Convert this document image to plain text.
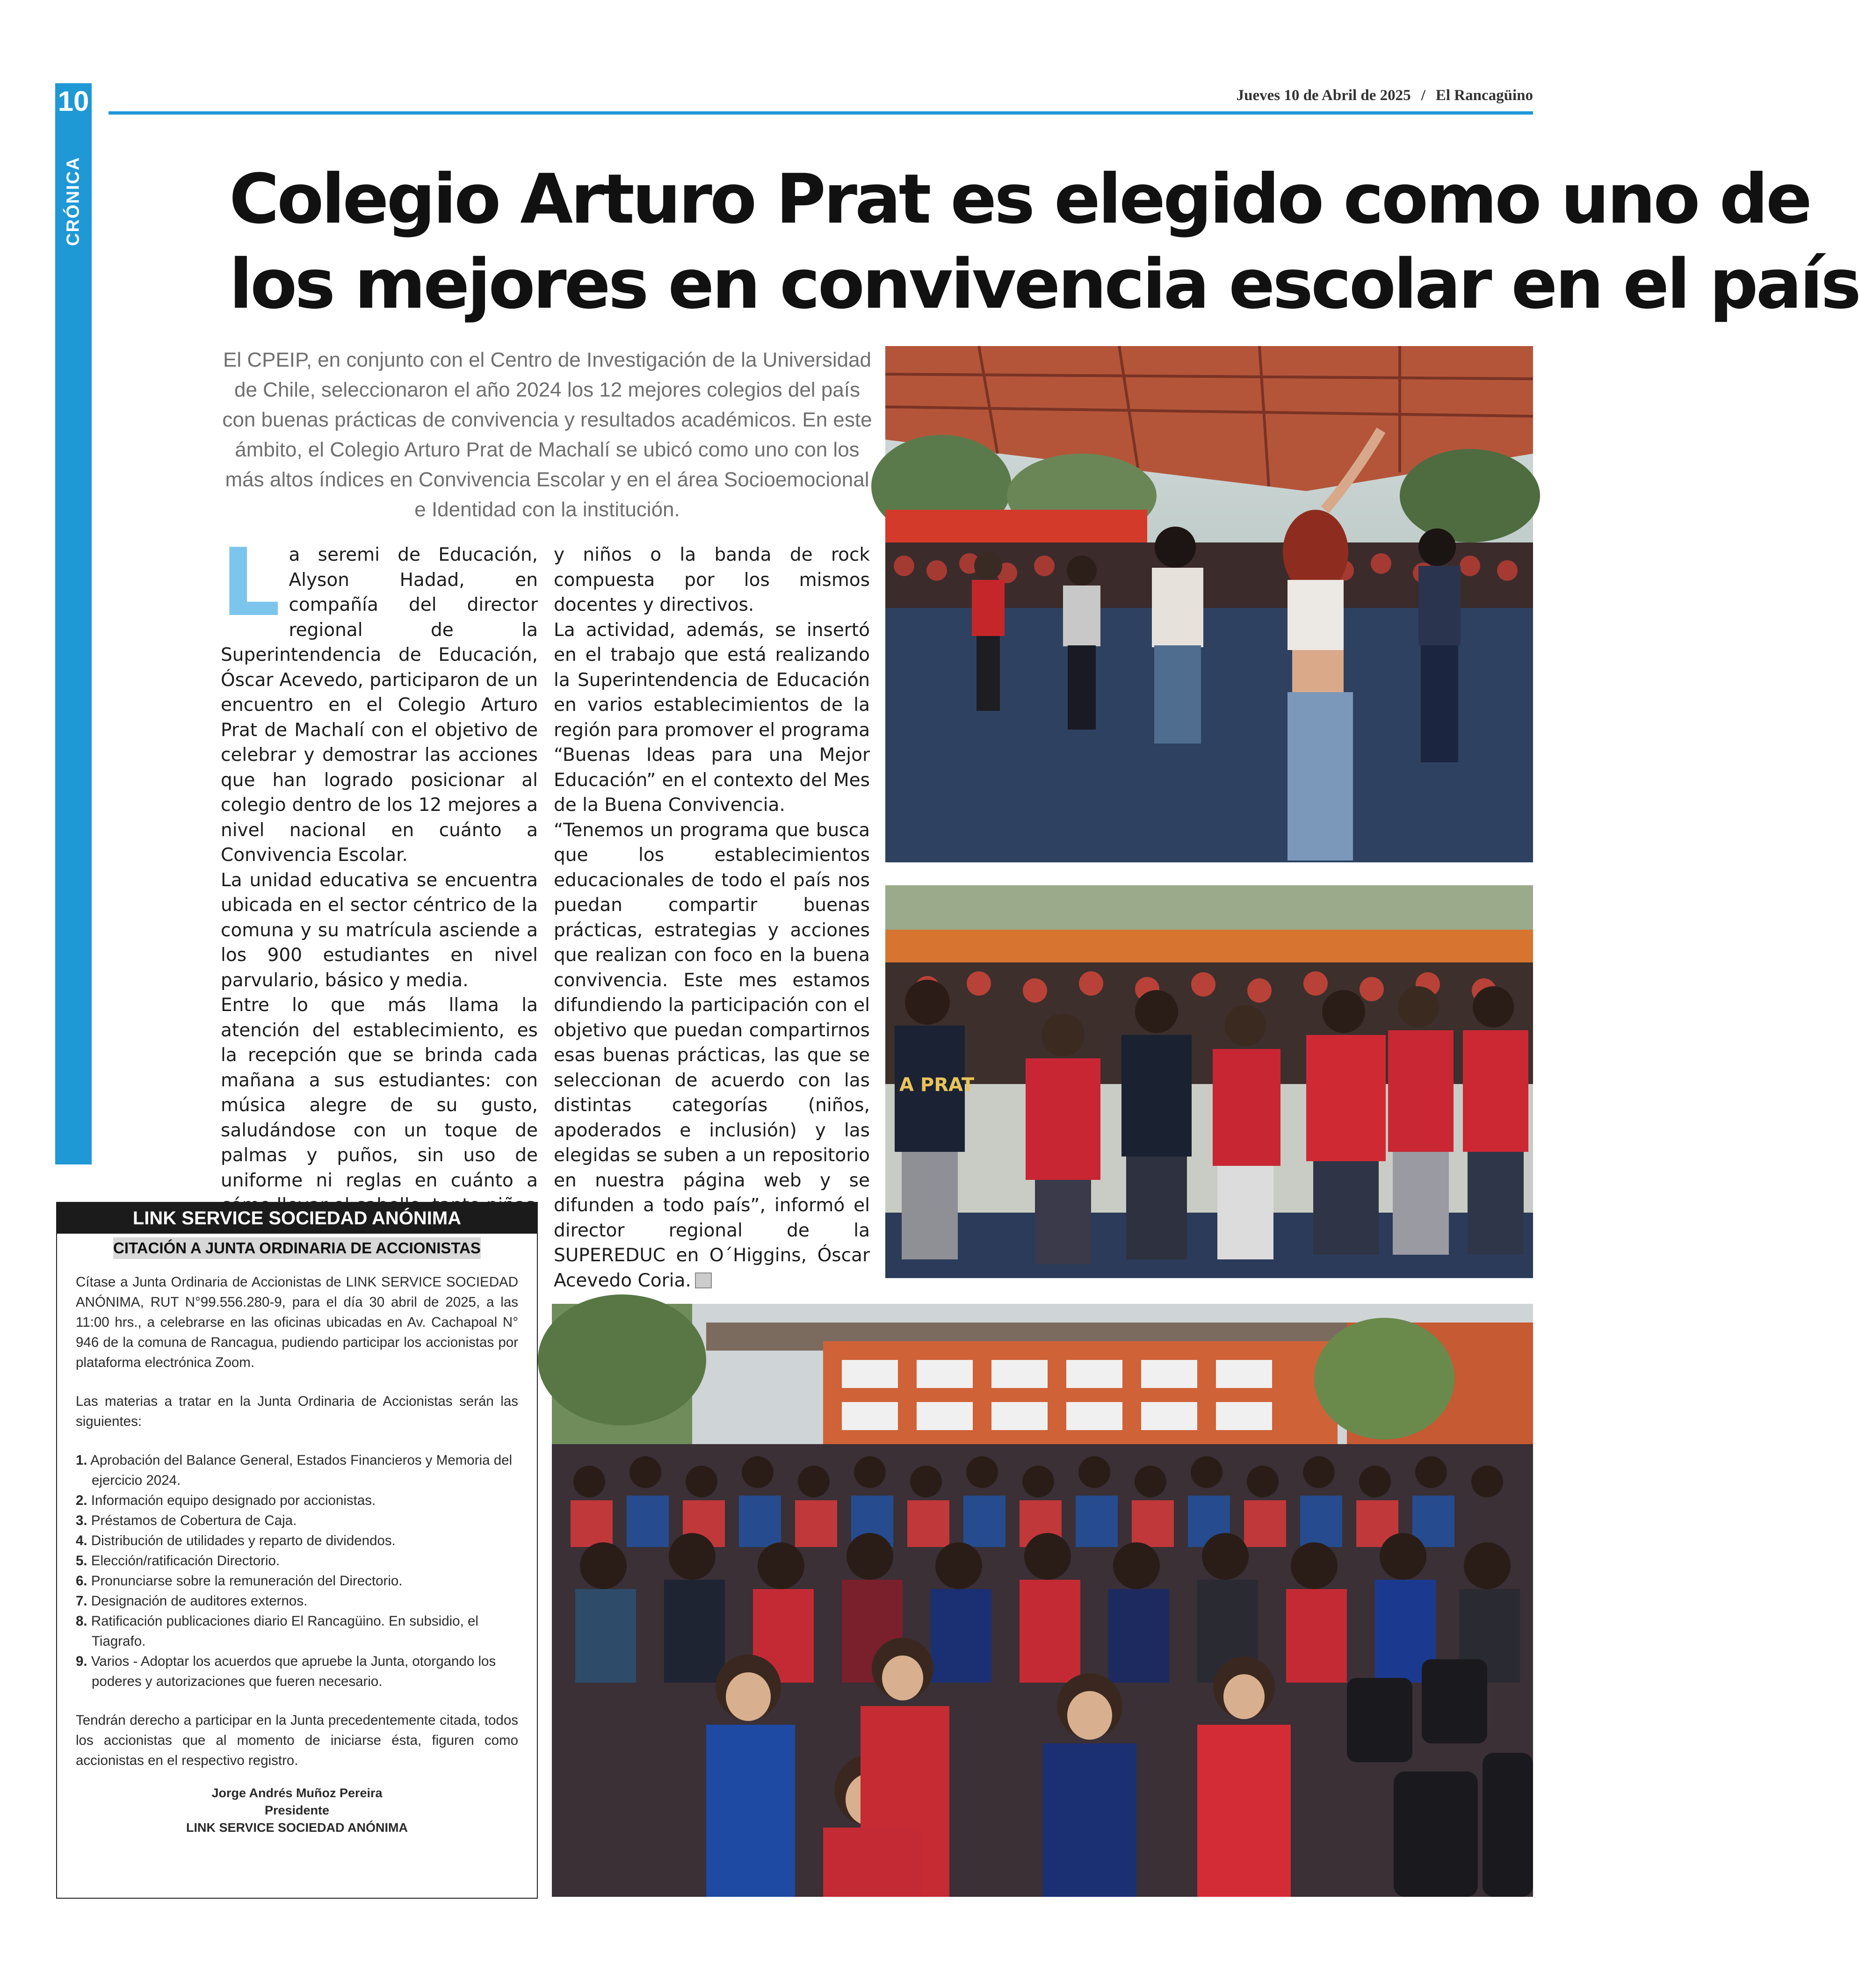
10
CRÓNICA
Jueves 10 de Abril de 2025 / El Rancagüino
Colegio Arturo Prat es elegido como uno de
los mejores en convivencia escolar en el país
El CPEIP, en conjunto con el Centro de Investigación de la Universidad de Chile, seleccionaron el año 2024 los 12 mejores colegios del país con buenas prácticas de convivencia y resultados académicos. En este ámbito, el Colegio Arturo Prat de Machalí se ubicó como uno con los más altos índices en Convivencia Escolar y en el área Socioemocional e Identidad con la institución.

La seremi de Educación, Alyson Hadad, en compañía del director regional de la Superintendencia de Educación, Óscar Acevedo, participaron de un encuentro en el Colegio Arturo Prat de Machalí con el objetivo de celebrar y demostrar las acciones que han logrado posicionar al colegio dentro de los 12 mejores a nivel nacional en cuánto a Convivencia Escolar.

La unidad educativa se encuentra ubicada en el sector céntrico de la comuna y su matrícula asciende a los 900 estudiantes en nivel parvulario, básico y media.

Entre lo que más llama la atención del establecimiento, es la recepción que se brinda cada mañana a sus estudiantes: con música alegre de su gusto, saludándose con un toque de palmas y puños, sin uso de uniforme ni reglas en cuánto a

y niños o la banda de rock compuesta por los mismos docentes y directivos.

La actividad, además, se insertó en el trabajo que está realizando la Superintendencia de Educación en varios establecimientos de la región para promover el programa “Buenas Ideas para una Mejor Educación” en el contexto del Mes de la Buena Convivencia.

“Tenemos un programa que busca que los establecimientos educacionales de todo el país nos puedan compartir buenas prácticas, estrategias y acciones que realizan con foco en la buena convivencia. Este mes estamos difundiendo la participación con el objetivo que puedan compartirnos esas buenas prácticas, las que se seleccionan de acuerdo con las distintas categorías (niños, apoderados e inclusión) y las elegidas se suben a un repositorio en nuestra página web y se difunden a todo país”, informó el director regional de la SUPEREDUC en O´Higgins, Óscar Acevedo Coria.

A PRAT
LINK SERVICE SOCIEDAD ANÓNIMA
CITACIÓN A JUNTA ORDINARIA DE ACCIONISTAS

Cítase a Junta Ordinaria de Accionistas de LINK SERVICE SOCIEDAD ANÓNIMA, RUT N°99.556.280-9, para el día 30 abril de 2025, a las 11:00 hrs., a celebrarse en las oficinas ubicadas en Av. Cachapoal N° 946 de la comuna de Rancagua, pudiendo participar los accionistas por plataforma electrónica Zoom.

Las materias a tratar en la Junta Ordinaria de Accionistas serán las siguientes:

1. Aprobación del Balance General, Estados Financieros y Memoria del ejercicio 2024.
2. Información equipo designado por accionistas.
3. Préstamos de Cobertura de Caja.
4. Distribución de utilidades y reparto de dividendos.
5. Elección/ratificación Directorio.
6. Pronunciarse sobre la remuneración del Directorio.
7. Designación de auditores externos.
8. Ratificación publicaciones diario El Rancagüino. En subsidio, el Tiagrafo.
9. Varios - Adoptar los acuerdos que apruebe la Junta, otorgando los poderes y autorizaciones que fueren necesario.

Tendrán derecho a participar en la Junta precedentemente citada, todos los accionistas que al momento de iniciarse ésta, figuren como accionistas en el respectivo registro.

Jorge Andrés Muñoz Pereira
Presidente
LINK SERVICE SOCIEDAD ANÓNIMA
